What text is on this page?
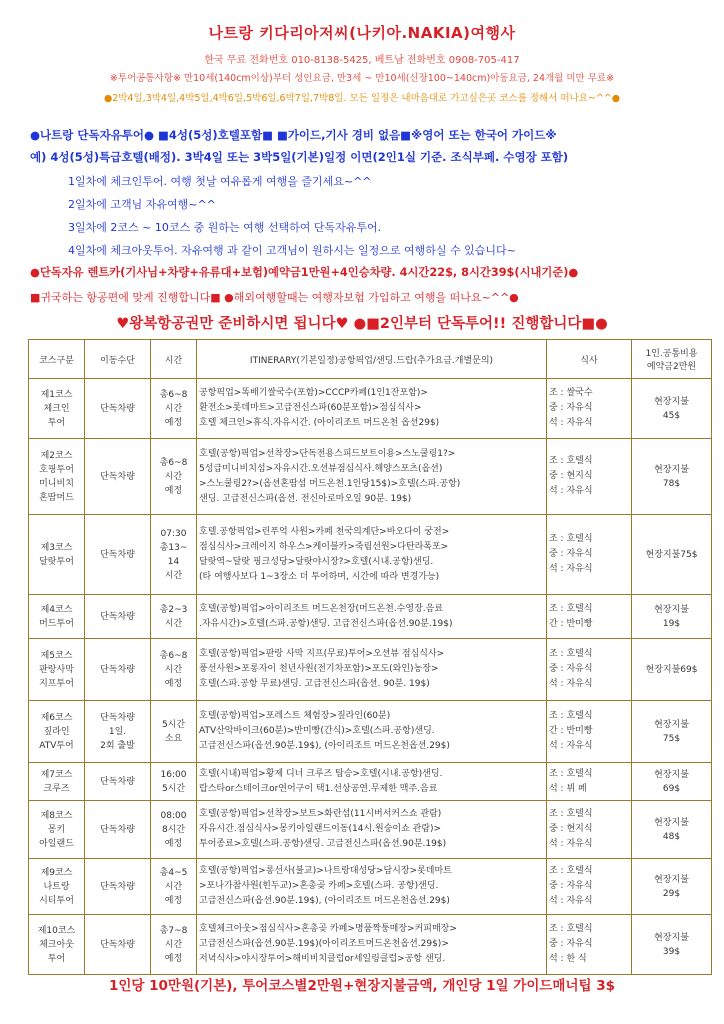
나트랑 키다리아저씨(나키아.NAKIA)여행사
한국 무료 전화번호 010-8138-5425, 베트남 전화번호 0908-705-417
※투어공통사항※ 만10세(140cm이상)부터 성인요금, 만3세 ~ 만10세(신장100~140cm)아동요금, 24개월 미만 무료※
●2박4일,3박4일,4박5일,4박6일,5박6일,6박7일,7박8일. 모든 일정은 내마음대로 가고싶은곳 코스를 정해서 떠나요~^^●
●나트랑 단독자유투어● ■4성(5성)호텔포함■ ■가이드,기사 경비 없음■※영어 또는 한국어 가이드※
예) 4성(5성)특급호텔(배정). 3박4일 또는 3박5일(기본)일정 이면(2인1실 기준. 조식부페. 수영장 포함)
1일차에 체크인투어. 여행 첫날 여유롭게 여행을 즐기세요~^^
2일차에 고객님 자유여행~^^
3일차에 2코스 ~ 10코스 중 원하는 여행 선택하여 단독자유투어.
4일차에 체크아웃투어. 자유여행 과 같이 고객님이 원하시는 일정으로 여행하실 수 있습니다~
●단독자유 렌트카(기사님+차량+유류대+보험)예약금1만원+4인승차량. 4시간22$, 8시간39$(시내기준)●
■귀국하는 항공편에 맞게 진행합니다■ ●해외여행할때는 여행자보험 가입하고 여행을 떠나요~^^●
♥왕복항공권만 준비하시면 됩니다♥ ●■2인부터 단독투어!! 진행합니다■●
코스구분	이동수단	시간	ITINERARY(기본일정)공항픽업/샌딩.드랍(추가요금.개별문의)	식사	1인.공통비용
예약금2만원

제1코스
체크인
투어	단독차량	총6~8
시간
예정	공항픽업>똑배기쌀국수(포함)>CCCP카페(1인1잔포함)>
환전소>롯데마트>고급전신스파(60분포함)>점심식사>
호텔 체크인>휴식.자유시간. (아이리조트 머드온천 옵션29$)	조 : 쌀국수
중 : 자유식
석 : 자유식	현장지불
45$

제2코스
호핑투어
미니비치
혼땀머드	단독차량	총6~8
시간
예정	호텔(공항)픽업>선착장>단독전용스피드보트이용>스노쿨링1?>
5성급미니비치섬>자유시간.오션뷰점심식사.해양스포츠(옵션)
>스노쿨링2?>(옵션혼땀섬 머드온천.1인당15$)>호텔(스파.공항)
샌딩. 고급전신스파(옵션. 전신아로마오일 90분. 19$)	조 : 호텔식
중 : 현지식
석 : 자유식	현장지불
78$

제3코스
달랏투어	단독차량	07:30
총13~
14
시간	호텔.공항픽업>린푸억 사원>카페 천국의계단>바오다이 궁전>
점심식사>크레이지 하우스>케이블카>죽림선원>다탄라폭포>
달랏역~달랏 핑크성당>달랏야시장?>호텔(시내.공항)샌딩.
(타 여행사보다 1~3장소 더 투어하며, 시간에 따라 변경가능)	조 : 호텔식
중 : 자유식
석 : 자유식	현장지불75$

제4코스
머드투어	단독차량	총2~3
시간	호텔(공항)픽업>아이리조트 머드온천장(머드온천.수영장.음료
.자유시간)>호텔(스파.공항)샌딩. 고급전신스파(옵션.90분.19$)	조 : 호텔식
간 : 반미빵	현장지불
19$

제5코스
판랑사막
지프투어	단독차량	총6~8
시간
예정	호텔(공항)픽업>판랑 사막 지프(무료)투어>오션뷰 점심식사>
풍선사원>포롱자이 천년사원(전기차포함)>포도(와인)농장>
호텔(스파.공항 무료)샌딩. 고급전신스파(옵션. 90분. 19$)	조 : 호텔식
중 : 자유식
석 : 자유식	현장지불69$

제6코스
짚라인
ATV투어	단독차량
1일.
2회 출발	5시간
소요	호텔(공항)픽업>포레스트 체험장>짚라인(60분)
ATV산악바이크(60분)>반미빵(간식)>호텔(스파.공항)샌딩.
고급전신스파(옵션.90분.19$), (아이리조트 머드온천옵션.29$)	조 : 호텔식
간 : 반미빵
석 : 자유식	현장지불
75$

제7코스
크루즈	단독차량	16:00
5시간	호텔(시내)픽업>황제 디너 크루즈 탑승>호텔(시내.공항)샌딩.
랍스타or스테이크or연어구이 택1.선상공연.무제한 맥주.음료	조 : 호텔식
석 : 뷔 페	현장지불
69$

제8코스
몽키
아일랜드	단독차량	08:00
8시간
예정	호텔(공항)픽업>선착장>보트>화란섬(11시버서커스쇼 관람)
자유시간.점심식사>몽키아일랜드이동(14시.원숭이쇼 관람)>
투어종료>호텔(스파.공항)샌딩. 고급전신스파(옵션.90분.19$)	조 : 호텔식
중 : 현지식
석 : 자유식	현장지불
48$

제9코스
나트랑
시티투어	단독차량	총4~5
시간
예정	호텔(공항)픽업>롱선사(불교)>나트랑대성당>담시장>롯데마트
>포나가참사원(힌두교)>혼총곶 카페>호텔(스파. 공항)샌딩.
고급전신스파(옵션.90분.19$), (아이리조트 머드온천옵션.29$)	조 : 호텔식
중 : 자유식
석 : 자유식	현장지불
29$

제10코스
체크아웃
투어	단독차량	총7~8
시간
예정	호텔체크아웃>점심식사>혼총곶 카페>명품짝퉁매장>커피매장>
고급전신스파(옵션.90분.19$)(아이리조트머드온천옵션.29$)>
저녁식사>야시장투어>해비비치클럽or세일링클럽>공항 샌딩.	조 : 호텔식
중 : 자유식
석 : 한 식	현장지불
39$
1인당 10만원(기본), 투어코스별2만원+현장지불금액, 개인당 1일 가이드매너팁 3$
